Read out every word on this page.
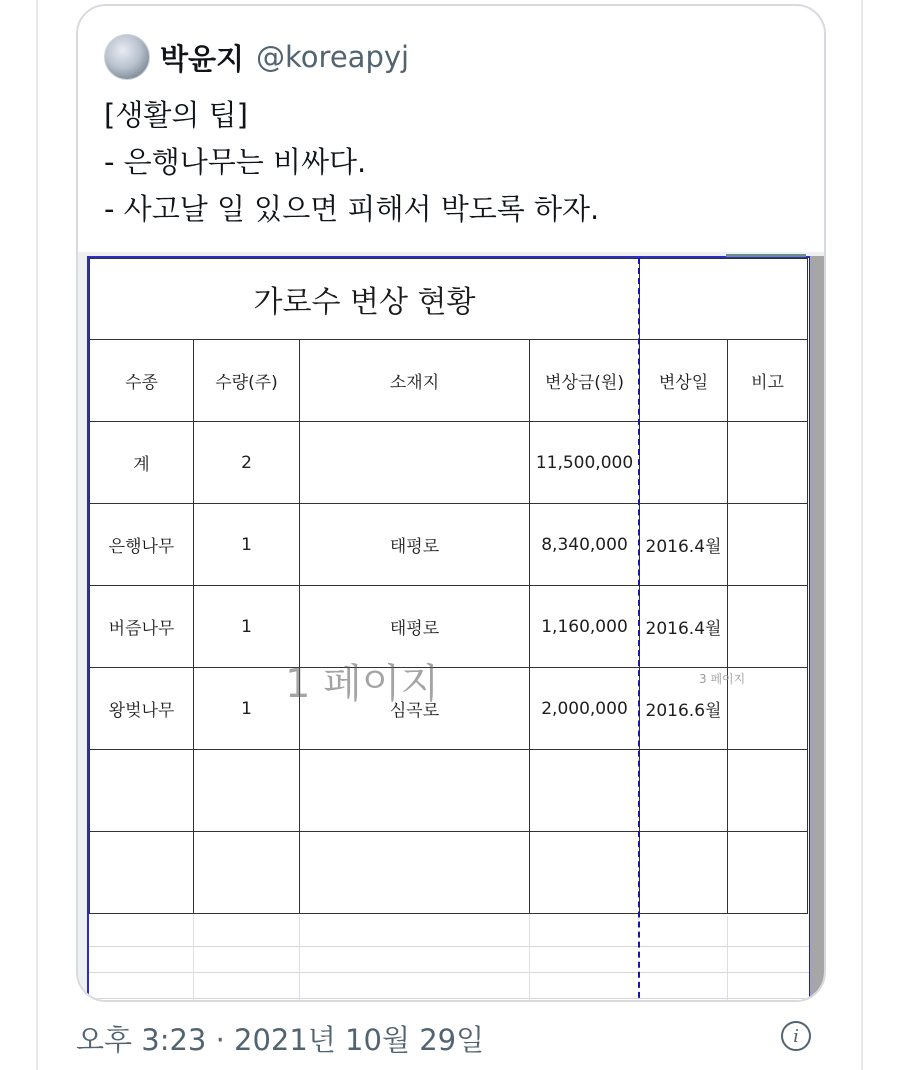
박윤지 @koreapyj
[생활의 팁]
- 은행나무는 비싸다.
- 사고날 일 있으면 피해서 박도록 하자.
가로수 변상 현황					
수종	수량(주)	소재지	변상금(원)	변상일	비고
계	2		11,500,000		
은행나무	1	태평로	8,340,000	2016.4월	
버즘나무	1	태평로	1,160,000	2016.4월	
왕벚나무	1	심곡로	2,000,000	2016.6월	

1 페이지	3 페이지
오후 3:23 · 2021년 10월 29일	i
